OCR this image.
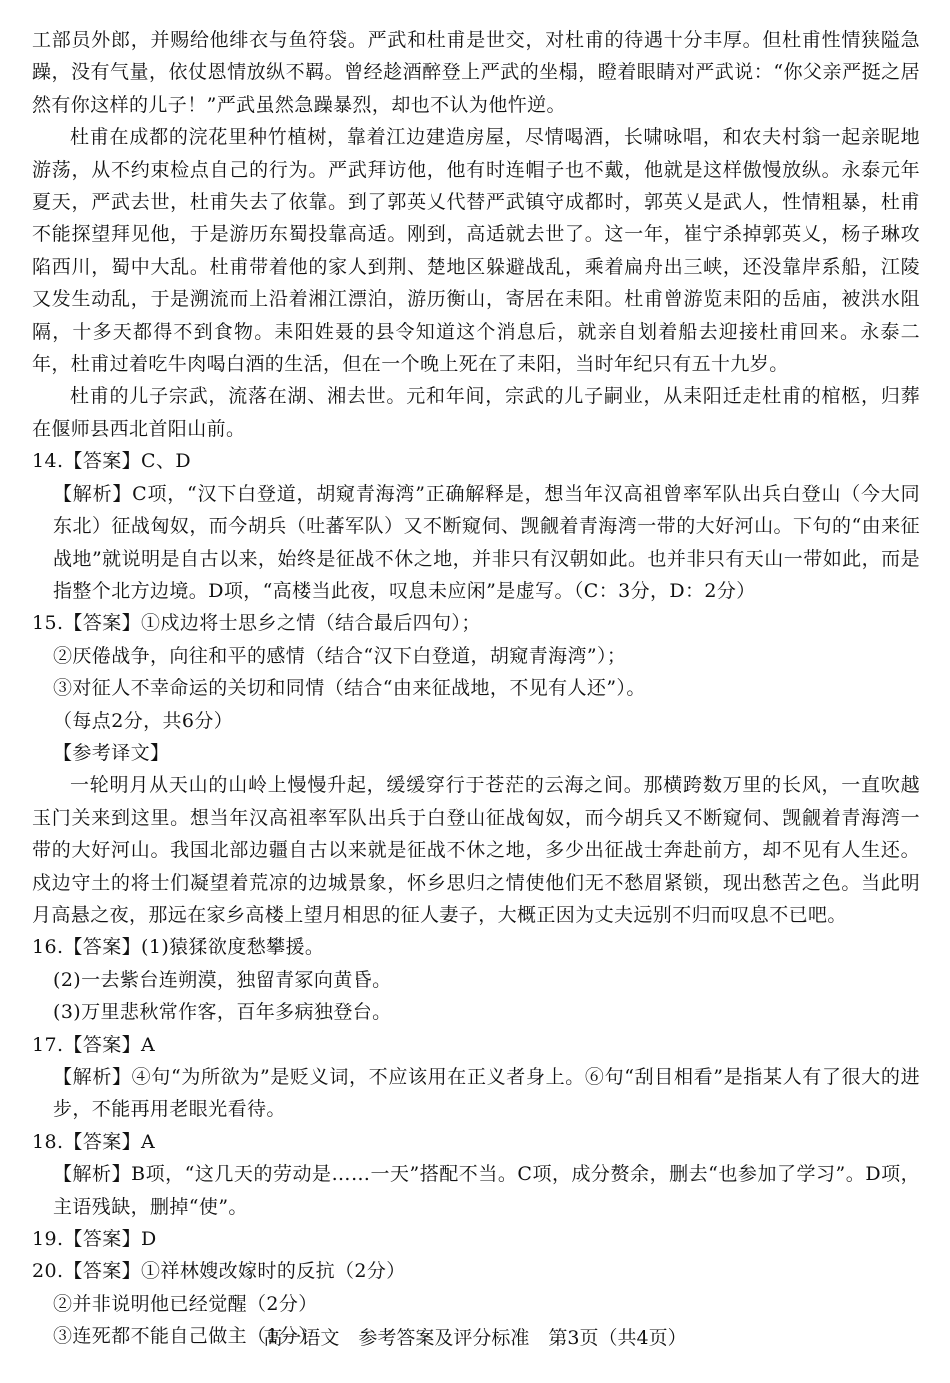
工部员外郎，并赐给他绯衣与鱼符袋。严武和杜甫是世交，对杜甫的待遇十分丰厚。但杜甫性情狭隘急躁，没有气量，依仗恩情放纵不羁。曾经趁酒醉登上严武的坐榻，瞪着眼睛对严武说：“你父亲严挺之居然有你这样的儿子！”严武虽然急躁暴烈，却也不认为他忤逆。

杜甫在成都的浣花里种竹植树，靠着江边建造房屋，尽情喝酒，长啸咏唱，和农夫村翁一起亲昵地游荡，从不约束检点自己的行为。严武拜访他，他有时连帽子也不戴，他就是这样傲慢放纵。永泰元年夏天，严武去世，杜甫失去了依靠。到了郭英乂代替严武镇守成都时，郭英乂是武人，性情粗暴，杜甫不能探望拜见他，于是游历东蜀投靠高适。刚到，高适就去世了。这一年，崔宁杀掉郭英乂，杨子琳攻陷西川，蜀中大乱。杜甫带着他的家人到荆、楚地区躲避战乱，乘着扁舟出三峡，还没靠岸系船，江陵又发生动乱，于是溯流而上沿着湘江漂泊，游历衡山，寄居在耒阳。杜甫曾游览耒阳的岳庙，被洪水阻隔，十多天都得不到食物。耒阳姓聂的县令知道这个消息后，就亲自划着船去迎接杜甫回来。永泰二年，杜甫过着吃牛肉喝白酒的生活，但在一个晚上死在了耒阳，当时年纪只有五十九岁。

杜甫的儿子宗武，流落在湖、湘去世。元和年间，宗武的儿子嗣业，从耒阳迁走杜甫的棺柩，归葬在偃师县西北首阳山前。

14.【答案】C、D

【解析】C项，“汉下白登道，胡窥青海湾”正确解释是，想当年汉高祖曾率军队出兵白登山（今大同东北）征战匈奴，而今胡兵（吐蕃军队）又不断窥伺、觊觎着青海湾一带的大好河山。下句的“由来征战地”就说明是自古以来，始终是征战不休之地，并非只有汉朝如此。也并非只有天山一带如此，而是指整个北方边境。D项，“高楼当此夜，叹息未应闲”是虚写。（C：3分，D：2分）

15.【答案】①戍边将士思乡之情（结合最后四句）；

②厌倦战争，向往和平的感情（结合“汉下白登道，胡窥青海湾”）；

③对征人不幸命运的关切和同情（结合“由来征战地，不见有人还”）。

（每点2分，共6分）

【参考译文】

一轮明月从天山的山岭上慢慢升起，缓缓穿行于苍茫的云海之间。那横跨数万里的长风，一直吹越玉门关来到这里。想当年汉高祖率军队出兵于白登山征战匈奴，而今胡兵又不断窥伺、觊觎着青海湾一带的大好河山。我国北部边疆自古以来就是征战不休之地，多少出征战士奔赴前方，却不见有人生还。戍边守土的将士们凝望着荒凉的边城景象，怀乡思归之情使他们无不愁眉紧锁，现出愁苦之色。当此明月高悬之夜，那远在家乡高楼上望月相思的征人妻子，大概正因为丈夫远别不归而叹息不已吧。

16.【答案】(1)猿猱欲度愁攀援。

(2)一去紫台连朔漠，独留青冢向黄昏。

(3)万里悲秋常作客，百年多病独登台。

17.【答案】A

【解析】④句“为所欲为”是贬义词，不应该用在正义者身上。⑥句“刮目相看”是指某人有了很大的进步，不能再用老眼光看待。

18.【答案】A

【解析】B项，“这几天的劳动是……一天”搭配不当。C项，成分赘余，删去“也参加了学习”。D项，主语残缺，删掉“使”。

19.【答案】D

20.【答案】①祥林嫂改嫁时的反抗（2分）

②并非说明他已经觉醒（2分）

③连死都不能自己做主（1分）

高一语文　参考答案及评分标准　第3页（共4页）
